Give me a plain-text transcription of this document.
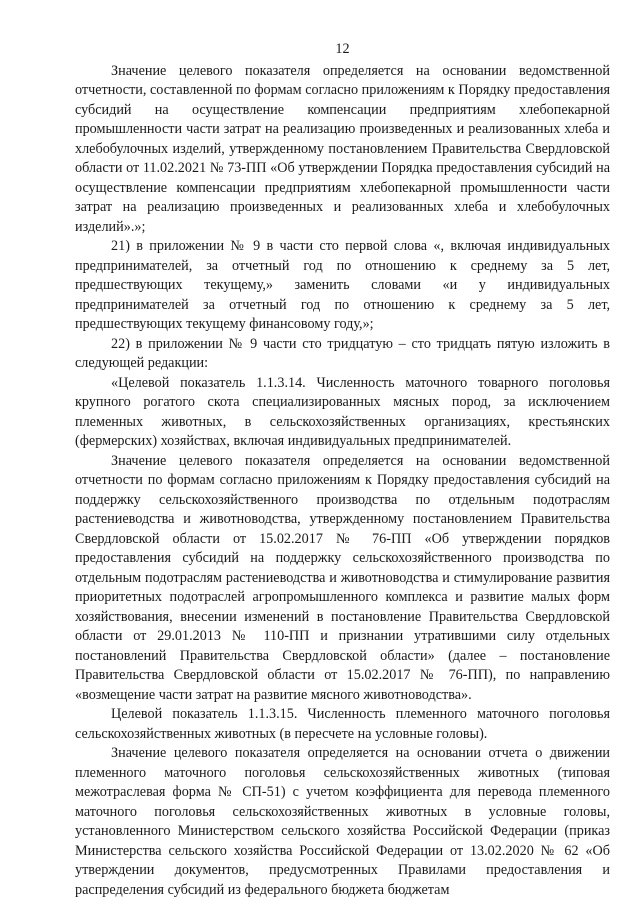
12

Значение целевого показателя определяется на основании ведомственной отчетности, составленной по формам согласно приложениям к Порядку предоставления субсидий на осуществление компенсации предприятиям хлебопекарной промышленности части затрат на реализацию произведенных и реализованных хлеба и хлебобулочных изделий, утвержденному постановлением Правительства Свердловской области от 11.02.2021 № 73-ПП «Об утверждении Порядка предоставления субсидий на осуществление компенсации предприятиям хлебопекарной промышленности части затрат на реализацию произведенных и реализованных хлеба и хлебобулочных изделий».»;

21) в приложении № 9 в части сто первой слова «, включая индивидуальных предпринимателей, за отчетный год по отношению к среднему за 5 лет, предшествующих текущему,» заменить словами «и у индивидуальных предпринимателей за отчетный год по отношению к среднему за 5 лет, предшествующих текущему финансовому году,»;

22) в приложении № 9 части сто тридцатую – сто тридцать пятую изложить в следующей редакции:

«Целевой показатель 1.1.3.14. Численность маточного товарного поголовья крупного рогатого скота специализированных мясных пород, за исключением племенных животных, в сельскохозяйственных организациях, крестьянских (фермерских) хозяйствах, включая индивидуальных предпринимателей.

Значение целевого показателя определяется на основании ведомственной отчетности по формам согласно приложениям к Порядку предоставления субсидий на поддержку сельскохозяйственного производства по отдельным подотраслям растениеводства и животноводства, утвержденному постановлением Правительства Свердловской области от 15.02.2017 № 76-ПП «Об утверждении порядков предоставления субсидий на поддержку сельскохозяйственного производства по отдельным подотраслям растениеводства и животноводства и стимулирование развития приоритетных подотраслей агропромышленного комплекса и развитие малых форм хозяйствования, внесении изменений в постановление Правительства Свердловской области от 29.01.2013 № 110-ПП и признании утратившими силу отдельных постановлений Правительства Свердловской области» (далее – постановление Правительства Свердловской области от 15.02.2017 № 76-ПП), по направлению «возмещение части затрат на развитие мясного животноводства».

Целевой показатель 1.1.3.15. Численность племенного маточного поголовья сельскохозяйственных животных (в пересчете на условные головы).

Значение целевого показателя определяется на основании отчета о движении племенного маточного поголовья сельскохозяйственных животных (типовая межотраслевая форма № СП-51) с учетом коэффициента для перевода племенного маточного поголовья сельскохозяйственных животных в условные головы, установленного Министерством сельского хозяйства Российской Федерации (приказ Министерства сельского хозяйства Российской Федерации от 13.02.2020 № 62 «Об утверждении документов, предусмотренных Правилами предоставления и распределения субсидий из федерального бюджета бюджетам
